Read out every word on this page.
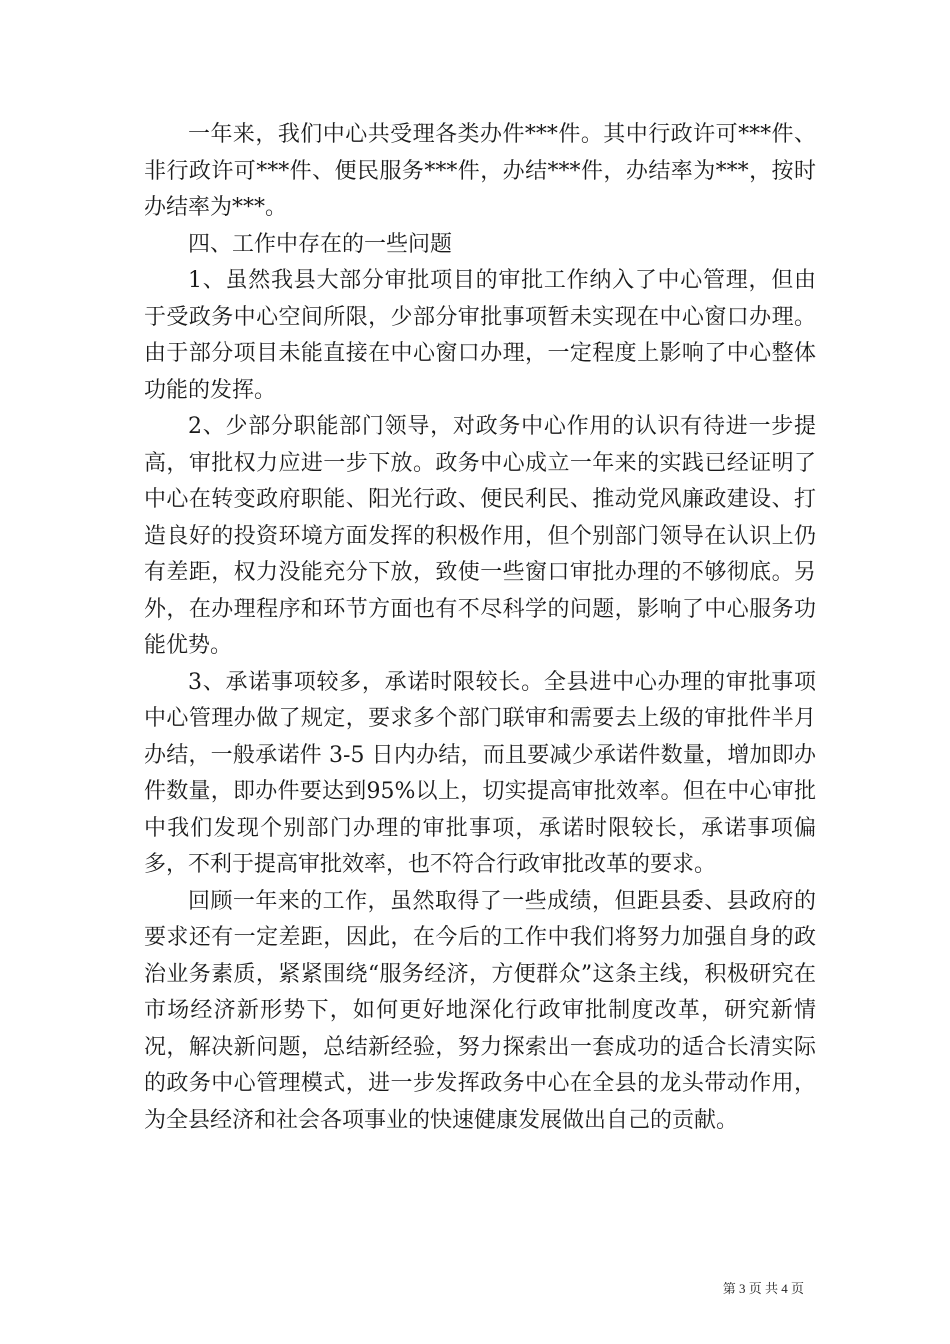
一年来，我们中心共受理各类办件***件。其中行政许可***件、非行政许可***件、便民服务***件，办结***件，办结率为***，按时办结率为***。

四、工作中存在的一些问题

1、虽然我县大部分审批项目的审批工作纳入了中心管理，但由于受政务中心空间所限，少部分审批事项暂未实现在中心窗口办理。由于部分项目未能直接在中心窗口办理，一定程度上影响了中心整体功能的发挥。

2、少部分职能部门领导，对政务中心作用的认识有待进一步提高，审批权力应进一步下放。政务中心成立一年来的实践已经证明了中心在转变政府职能、阳光行政、便民利民、推动党风廉政建设、打造良好的投资环境方面发挥的积极作用，但个别部门领导在认识上仍有差距，权力没能充分下放，致使一些窗口审批办理的不够彻底。另外，在办理程序和环节方面也有不尽科学的问题，影响了中心服务功能优势。

3、承诺事项较多，承诺时限较长。全县进中心办理的审批事项中心管理办做了规定，要求多个部门联审和需要去上级的审批件半月办结，一般承诺件 3-5 日内办结，而且要减少承诺件数量，增加即办件数量，即办件要达到95%以上，切实提高审批效率。但在中心审批中我们发现个别部门办理的审批事项，承诺时限较长，承诺事项偏多，不利于提高审批效率，也不符合行政审批改革的要求。

回顾一年来的工作，虽然取得了一些成绩，但距县委、县政府的要求还有一定差距，因此，在今后的工作中我们将努力加强自身的政治业务素质，紧紧围绕“服务经济，方便群众”这条主线，积极研究在市场经济新形势下，如何更好地深化行政审批制度改革，研究新情况，解决新问题，总结新经验，努力探索出一套成功的适合长清实际的政务中心管理模式，进一步发挥政务中心在全县的龙头带动作用，为全县经济和社会各项事业的快速健康发展做出自己的贡献。

第 3 页 共 4 页
